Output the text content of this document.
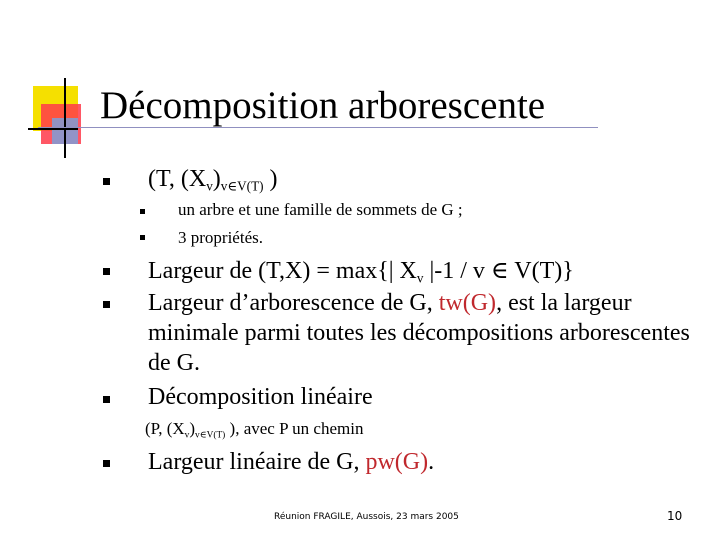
Décomposition arborescente
(T, $(X_v)_{v\in V(T)}$ )
un arbre et une famille de sommets de G ;
3 propriétés.
Largeur de (T,X) = max{| $X_v$ |-1 / v ∈ V(T)}
Largeur d’arborescence de G, tw(G), est la largeur
minimale parmi toutes les décompositions arborescentes
de G.
Décomposition linéaire
(P, $(X_v)_{v\in V(T)}$ ), avec P un chemin
Largeur linéaire de G, pw(G).
Réunion FRAGILE, Aussois, 23 mars 2005	10
